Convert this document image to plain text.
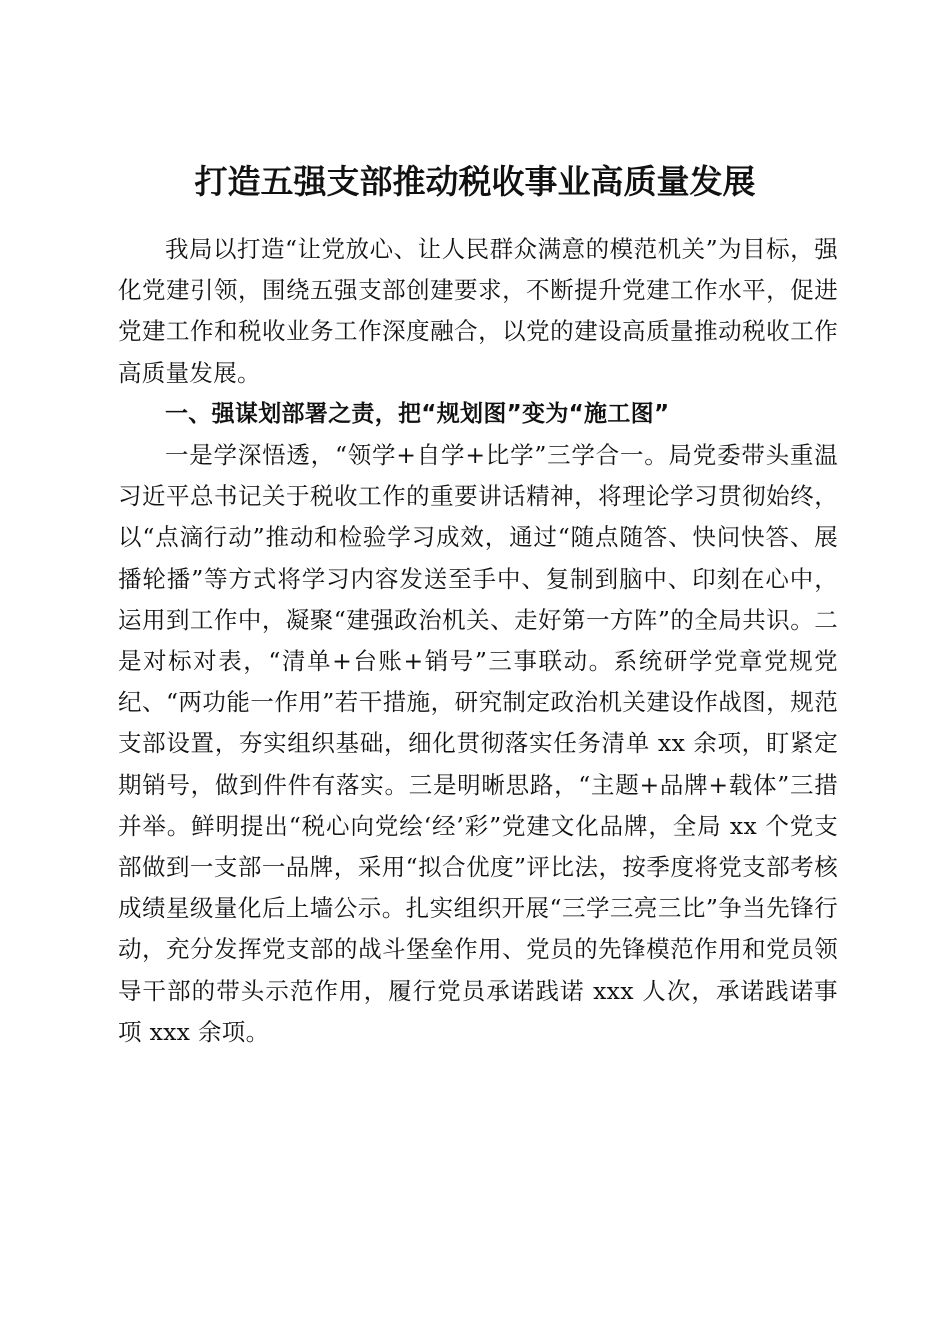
打造五强支部推动税收事业高质量发展

我局以打造“让党放心、让人民群众满意的模范机关”为目标，强化党建引领，围绕五强支部创建要求，不断提升党建工作水平，促进党建工作和税收业务工作深度融合，以党的建设高质量推动税收工作高质量发展。

一、强谋划部署之责，把“规划图”变为“施工图”

一是学深悟透，“领学+自学+比学”三学合一。局党委带头重温习近平总书记关于税收工作的重要讲话精神，将理论学习贯彻始终，以“点滴行动”推动和检验学习成效，通过“随点随答、快问快答、展播轮播”等方式将学习内容发送至手中、复制到脑中、印刻在心中，运用到工作中，凝聚“建强政治机关、走好第一方阵”的全局共识。二是对标对表，“清单+台账+销号”三事联动。系统研学党章党规党纪、“两功能一作用”若干措施，研究制定政治机关建设作战图，规范支部设置，夯实组织基础，细化贯彻落实任务清单 xx 余项，盯紧定期销号，做到件件有落实。三是明晰思路，“主题+品牌+载体”三措并举。鲜明提出“税心向党绘‘经’彩”党建文化品牌，全局 xx 个党支部做到一支部一品牌，采用“拟合优度”评比法，按季度将党支部考核成绩星级量化后上墙公示。扎实组织开展“三学三亮三比”争当先锋行动，充分发挥党支部的战斗堡垒作用、党员的先锋模范作用和党员领导干部的带头示范作用，履行党员承诺践诺 xxx 人次，承诺践诺事项 xxx 余项。
